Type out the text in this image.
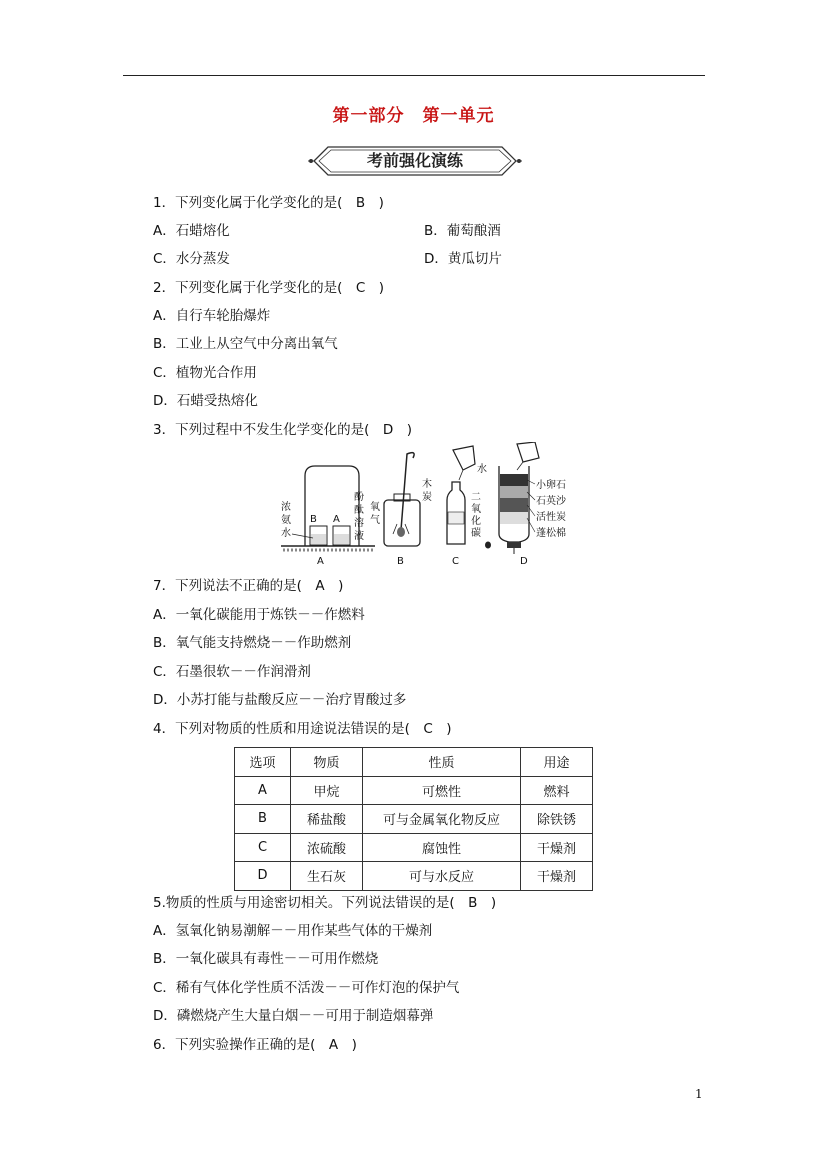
第一部分　第一单元
考前强化演练
1．下列变化属于化学变化的是(　B　)
A．石蜡熔化	B．葡萄酿酒
C．水分蒸发	D．黄瓜切片
2．下列变化属于化学变化的是(　C　)
A．自行车轮胎爆炸
B．工业上从空气中分离出氧气
C．植物光合作用
D．石蜡受热熔化
3．下列过程中不发生化学变化的是(　D　)
B A
浓
氨
水
酚
酞
溶
液
A
氧
气
木
炭
B
水
二
氧
化
碳
C
小卵石
石英沙
活性炭
蓬松棉
D
7．下列说法不正确的是(　A　)
A．一氧化碳能用于炼铁－－作燃料
B．氧气能支持燃烧－－作助燃剂
C．石墨很软－－作润滑剂
D．小苏打能与盐酸反应－－治疗胃酸过多
4．下列对物质的性质和用途说法错误的是(　C　)
选项	物质	性质	用途
A	甲烷	可燃性	燃料
B	稀盐酸	可与金属氧化物反应	除铁锈
C	浓硫酸	腐蚀性	干燥剂
D	生石灰	可与水反应	干燥剂
5.物质的性质与用途密切相关。下列说法错误的是(　B　)
A．氢氧化钠易潮解－－用作某些气体的干燥剂
B．一氧化碳具有毒性－－可用作燃烧
C．稀有气体化学性质不活泼－－可作灯泡的保护气
D．磷燃烧产生大量白烟－－可用于制造烟幕弹
6．下列实验操作正确的是(　A　)
1
